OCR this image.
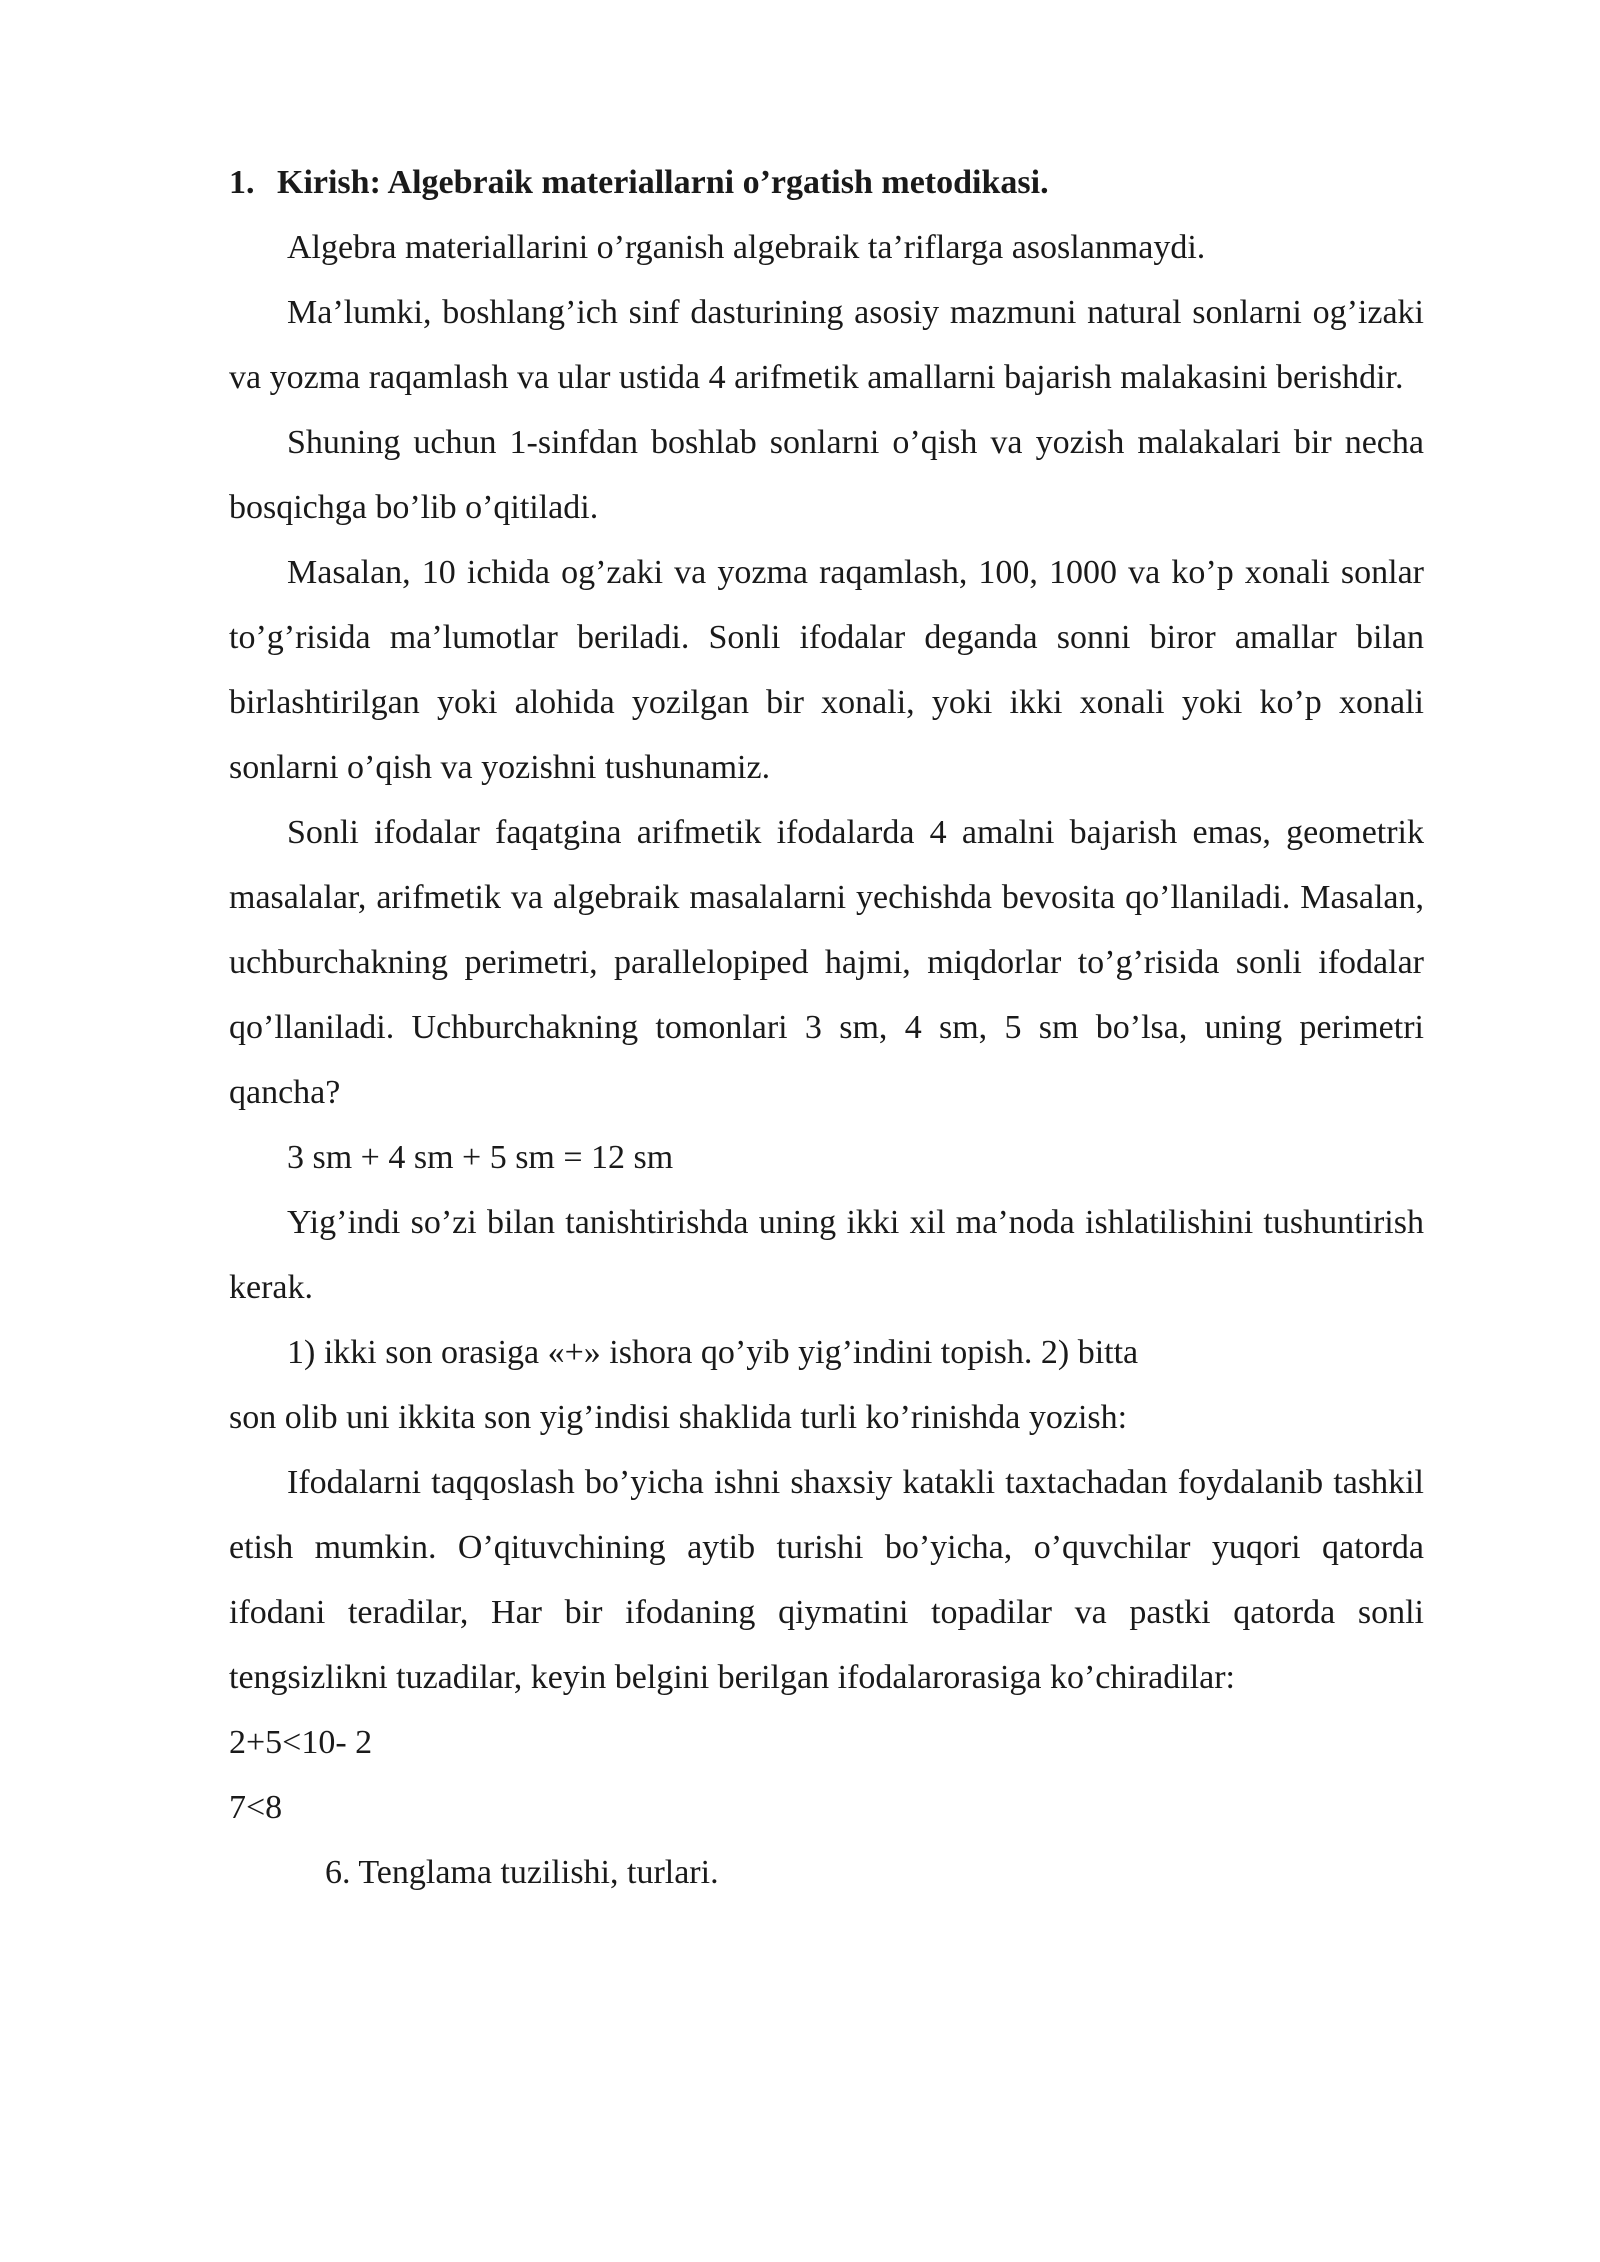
1. Kirish: Algebraik materiallarni o’rgatish metodikasi.

Algebra materiallarini o’rganish algebraik ta’riflarga asoslanmaydi.

Ma’lumki, boshlang’ich sinf dasturining asosiy mazmuni natural sonlarni og’izaki va yozma raqamlash va ular ustida 4 arifmetik amallarni bajarish malakasini berishdir.

Shuning uchun 1-sinfdan boshlab sonlarni o’qish va yozish malakalari bir necha bosqichga bo’lib o’qitiladi.

Masalan, 10 ichida og’zaki va yozma raqamlash, 100, 1000 va ko’p xonali sonlar to’g’risida ma’lumotlar beriladi. Sonli ifodalar deganda sonni biror amallar bilan birlashtirilgan yoki alohida yozilgan bir xonali, yoki ikki xonali yoki ko’p xonali sonlarni o’qish va yozishni tushunamiz.

Sonli ifodalar faqatgina arifmetik ifodalarda 4 amalni bajarish emas, geometrik masalalar, arifmetik va algebraik masalalarni yechishda bevosita qo’llaniladi. Masalan, uchburchakning perimetri, parallelopiped hajmi, miqdorlar to’g’risida sonli ifodalar qo’llaniladi. Uchburchakning tomonlari 3 sm, 4 sm, 5 sm bo’lsa, uning perimetri qancha?

3 sm + 4 sm + 5 sm = 12 sm

Yig’indi so’zi bilan tanishtirishda uning ikki xil ma’noda ishlatilishini tushuntirish kerak.

1) ikki son orasiga «+» ishora qo’yib yig’indini topish. 2) bitta

son olib uni ikkita son yig’indisi shaklida turli ko’rinishda yozish:

Ifodalarni taqqoslash bo’yicha ishni shaxsiy katakli taxtachadan foydalanib tashkil etish mumkin. O’qituvchining aytib turishi bo’yicha, o’quvchilar yuqori qatorda ifodani teradilar, Har bir ifodaning qiymatini topadilar va pastki qatorda sonli tengsizlikni tuzadilar, keyin belgini berilgan ifodalarorasiga ko’chiradilar:

2+5<10- 2

7<8

6. Tenglama tuzilishi, turlari.
